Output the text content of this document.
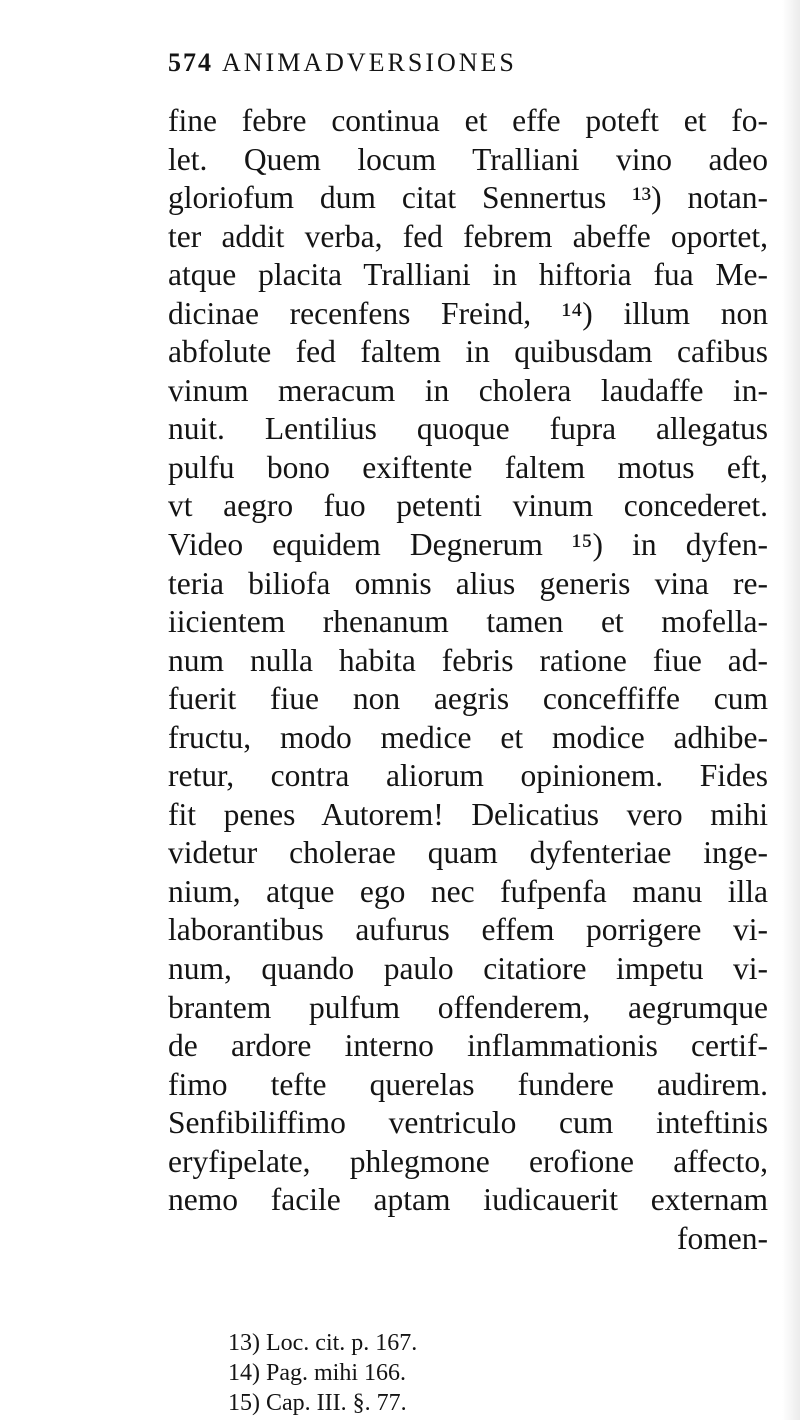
574 ANIMADVERSIONES
fine febre continua et effe poteft et fo-
let. Quem locum Tralliani vino adeo
gloriofum dum citat Sennertus ¹³) notan-
ter addit verba, fed febrem abeffe oportet,
atque placita Tralliani in hiftoria fua Me-
dicinae recenfens Freind, ¹⁴) illum non
abfolute fed faltem in quibusdam cafibus
vinum meracum in cholera laudaffe in-
nuit. Lentilius quoque fupra allegatus
pulfu bono exiftente faltem motus eft,
vt aegro fuo petenti vinum concederet.
Video equidem Degnerum ¹⁵) in dyfen-
teria biliofa omnis alius generis vina re-
iicientem rhenanum tamen et mofella-
num nulla habita febris ratione fiue ad-
fuerit fiue non aegris conceffiffe cum
fructu, modo medice et modice adhibe-
retur, contra aliorum opinionem. Fides
fit penes Autorem! Delicatius vero mihi
videtur cholerae quam dyfenteriae inge-
nium, atque ego nec fufpenfa manu illa
laborantibus aufurus effem porrigere vi-
num, quando paulo citatiore impetu vi-
brantem pulfum offenderem, aegrumque
de ardore interno inflammationis certif-
fimo tefte querelas fundere audirem.
Senfibiliffimo ventriculo cum inteftinis
eryfipelate, phlegmone erofione affecto,
nemo facile aptam iudicauerit externam
fomen-
13) Loc. cit. p. 167.
14) Pag. mihi 166.
15) Cap. III. §. 77.
